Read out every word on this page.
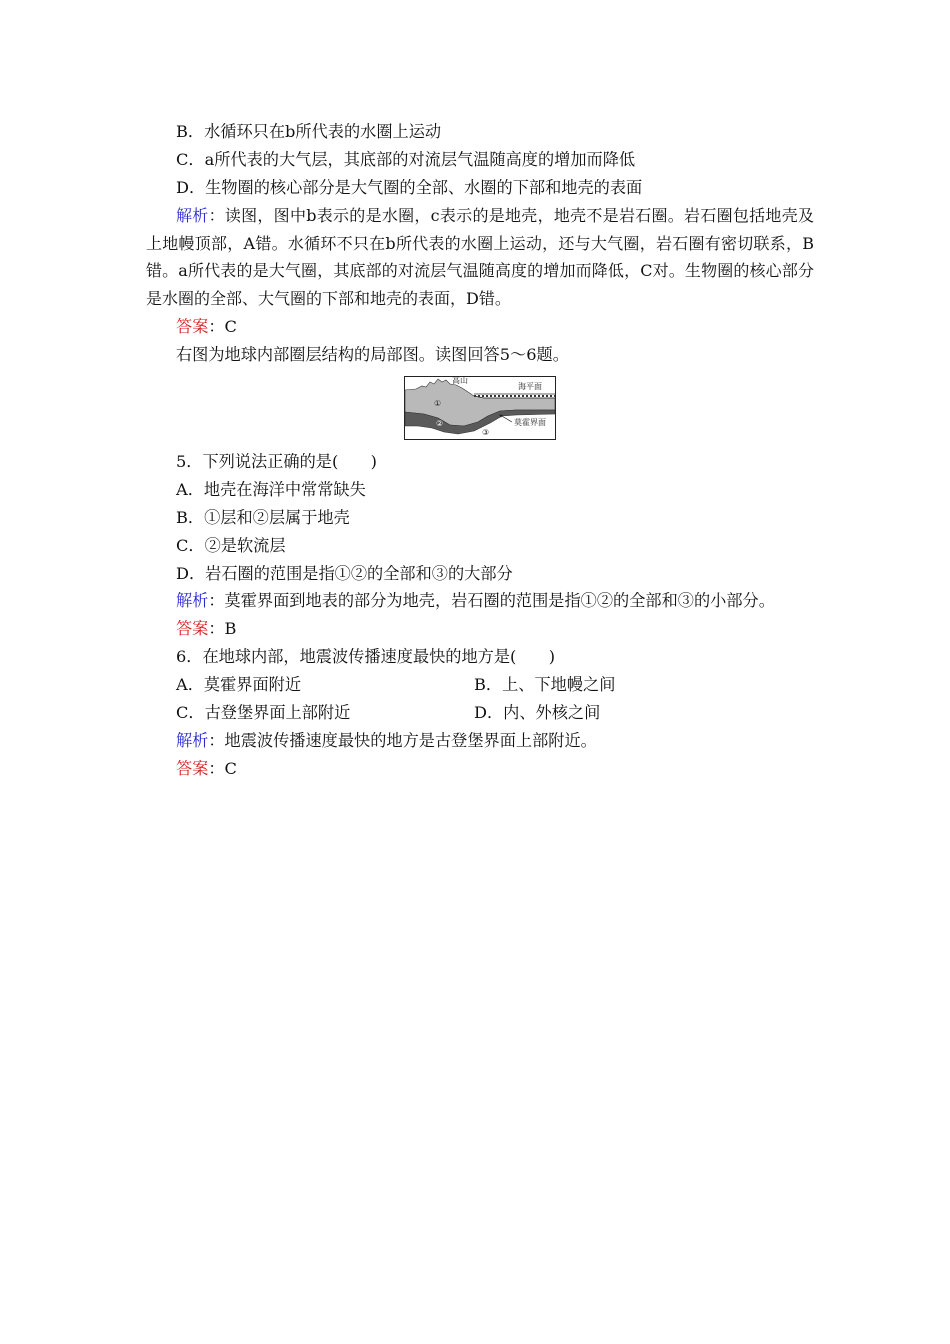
B．水循环只在b所代表的水圈上运动
C．a所代表的大气层，其底部的对流层气温随高度的增加而降低
D．生物圈的核心部分是大气圈的全部、水圈的下部和地壳的表面
解析：读图，图中b表示的是水圈，c表示的是地壳，地壳不是岩石圈。岩石圈包括地壳及上地幔顶部，A错。水循环不只在b所代表的水圈上运动，还与大气圈，岩石圈有密切联系，B错。a所代表的是大气圈，其底部的对流层气温随高度的增加而降低，C对。生物圈的核心部分是水圈的全部、大气圈的下部和地壳的表面，D错。
答案：C
右图为地球内部圈层结构的局部图。读图回答5～6题。
高山
海平面
①
②
③
莫霍界面
5．下列说法正确的是(　　)
A．地壳在海洋中常常缺失
B．①层和②层属于地壳
C．②是软流层
D．岩石圈的范围是指①②的全部和③的大部分
解析：莫霍界面到地表的部分为地壳，岩石圈的范围是指①②的全部和③的小部分。
答案：B
6．在地球内部，地震波传播速度最快的地方是(　　)
A．莫霍界面附近	B．上、下地幔之间
C．古登堡界面上部附近	D．内、外核之间
解析：地震波传播速度最快的地方是古登堡界面上部附近。
答案：C
